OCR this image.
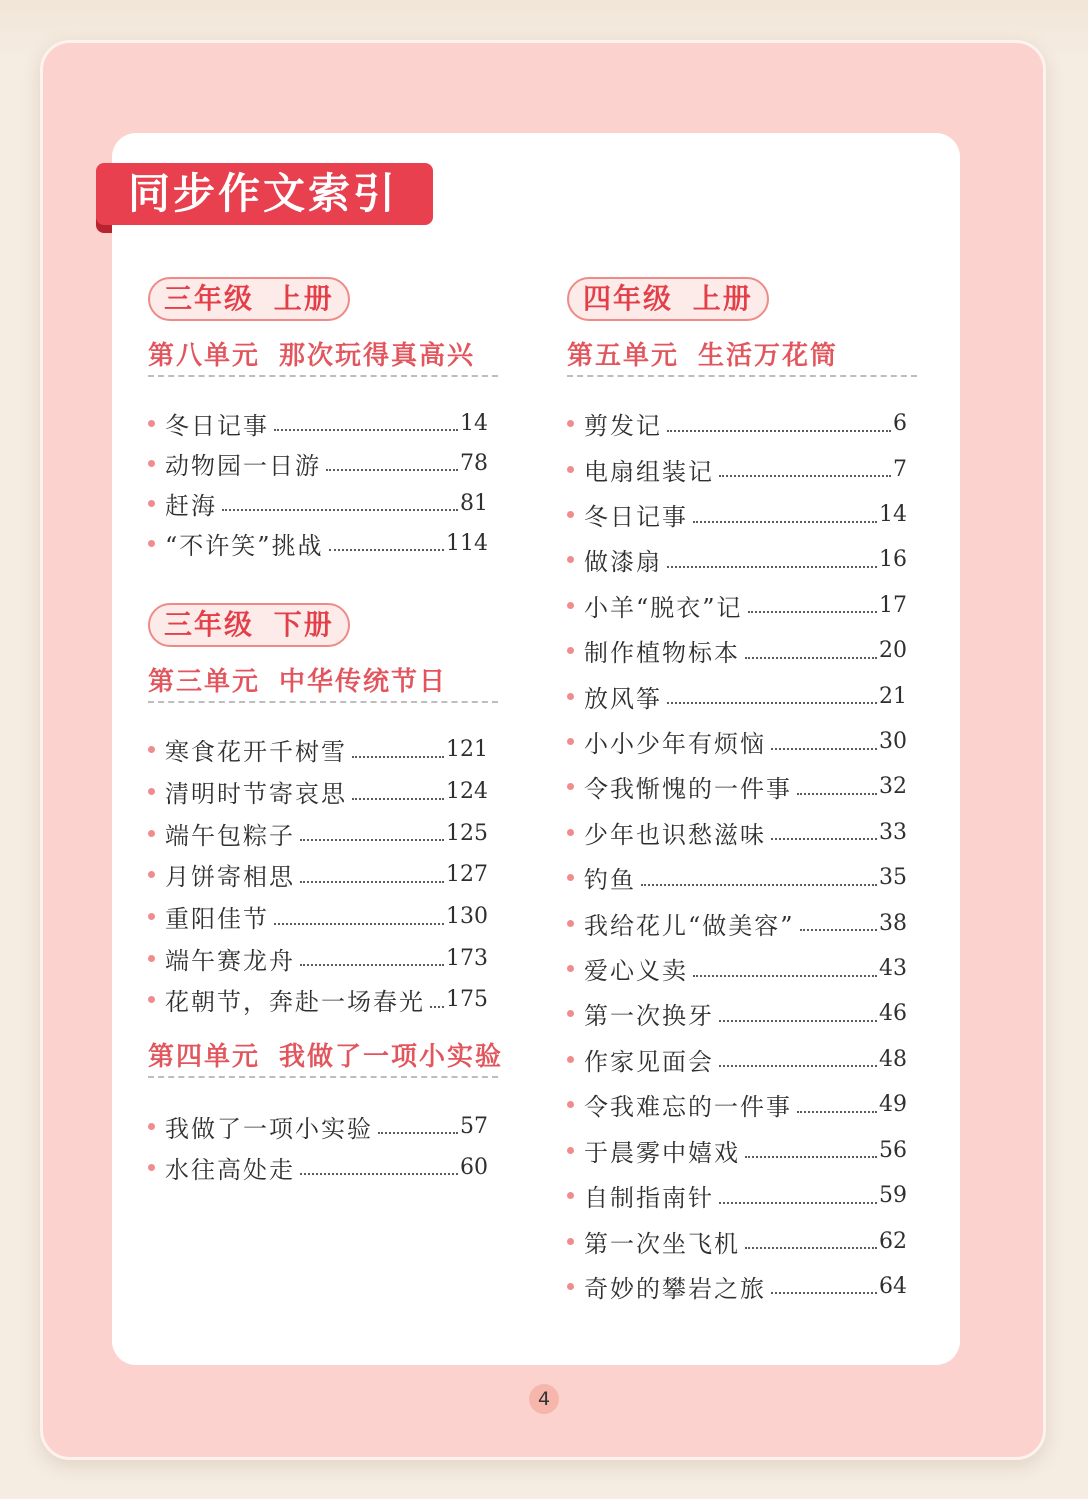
同步作文索引
三年级 上册
第八单元 那次玩得真高兴
冬日记事	14
动物园一日游	78
赶海	81
“不许笑”挑战	114
三年级 下册
第三单元 中华传统节日
寒食花开千树雪	121
清明时节寄哀思	124
端午包粽子	125
月饼寄相思	127
重阳佳节	130
端午赛龙舟	173
花朝节，奔赴一场春光 175
第四单元 我做了一项小实验
我做了一项小实验	57
水往高处走	60
四年级 上册
第五单元 生活万花筒
剪发记	6
电扇组装记	7
冬日记事	14
做漆扇	16
小羊“脱衣”记	17
制作植物标本	20
放风筝	21
小小少年有烦恼	30
令我惭愧的一件事	32
少年也识愁滋味	33
钓鱼	35
我给花儿“做美容”	38
爱心义卖	43
第一次换牙	46
作家见面会	48
令我难忘的一件事	49
于晨雾中嬉戏	56
自制指南针	59
第一次坐飞机	62
奇妙的攀岩之旅	64
4
